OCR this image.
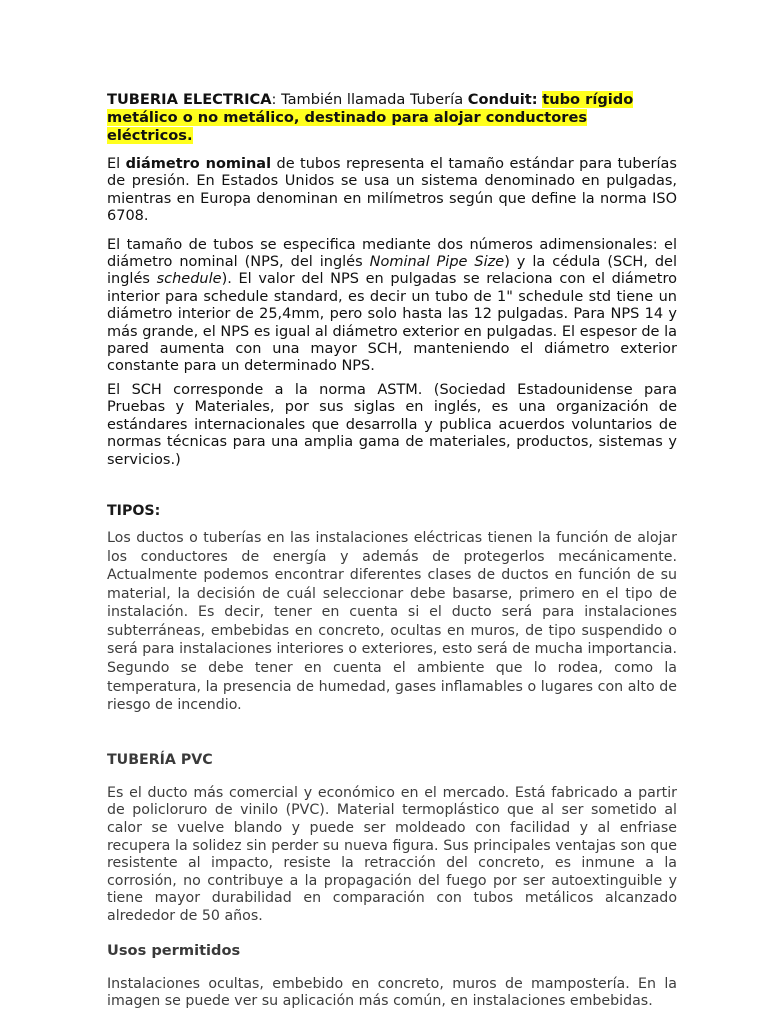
TUBERIA ELECTRICA: También llamada Tubería Conduit: tubo rígido metálico o no metálico, destinado para alojar conductores eléctricos.

El diámetro nominal de tubos representa el tamaño estándar para tuberías de presión. En Estados Unidos se usa un sistema denominado en pulgadas, mientras en Europa denominan en milímetros según que define la norma ISO 6708.

El tamaño de tubos se especifica mediante dos números adimensionales: el diámetro nominal (NPS, del inglés Nominal Pipe Size) y la cédula (SCH, del inglés schedule). El valor del NPS en pulgadas se relaciona con el diámetro interior para schedule standard, es decir un tubo de 1" schedule std tiene un diámetro interior de 25,4mm, pero solo hasta las 12 pulgadas. Para NPS 14 y más grande, el NPS es igual al diámetro exterior en pulgadas. El espesor de la pared aumenta con una mayor SCH, manteniendo el diámetro exterior constante para un determinado NPS.

El SCH corresponde a la norma ASTM. (Sociedad Estadounidense para Pruebas y Materiales, por sus siglas en inglés, es una organización de estándares internacionales que desarrolla y publica acuerdos voluntarios de normas técnicas para una amplia gama de materiales, productos, sistemas y servicios.)

TIPOS:

Los ductos o tuberías en las instalaciones eléctricas tienen la función de alojar los conductores de energía y además de protegerlos mecánicamente. Actualmente podemos encontrar diferentes clases de ductos en función de su material, la decisión de cuál seleccionar debe basarse, primero en el tipo de instalación. Es decir, tener en cuenta si el ducto será para instalaciones subterráneas, embebidas en concreto, ocultas en muros, de tipo suspendido o será para instalaciones interiores o exteriores, esto será de mucha importancia. Segundo se debe tener en cuenta el ambiente que lo rodea, como la temperatura, la presencia de humedad, gases inflamables o lugares con alto de riesgo de incendio.

TUBERÍA PVC

Es el ducto más comercial y económico en el mercado. Está fabricado a partir de policloruro de vinilo (PVC). Material termoplástico que al ser sometido al calor se vuelve blando y puede ser moldeado con facilidad y al enfriase recupera la solidez sin perder su nueva figura. Sus principales ventajas son que resistente al impacto, resiste la retracción del concreto, es inmune a la corrosión, no contribuye a la propagación del fuego por ser autoextinguible y tiene mayor durabilidad en comparación con tubos metálicos alcanzado alrededor de 50 años.

Usos permitidos

Instalaciones ocultas, embebido en concreto, muros de mampostería. En la imagen se puede ver su aplicación más común, en instalaciones embebidas.
